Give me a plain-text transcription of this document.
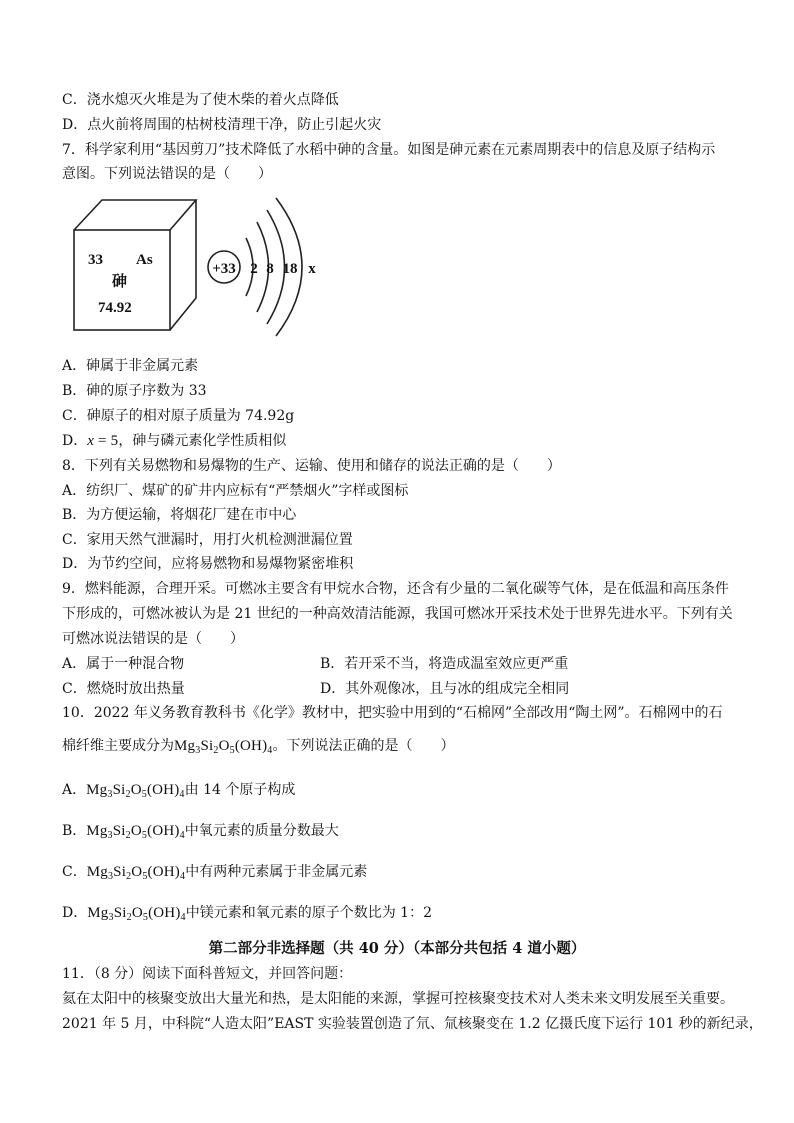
C．浇水熄灭火堆是为了使木柴的着火点降低
D．点火前将周围的枯树枝清理干净，防止引起火灾
7．科学家利用“基因剪刀”技术降低了水稻中砷的含量。如图是砷元素在元素周期表中的信息及原子结构示
意图。下列说法错误的是（　　）
33 As
砷
74.92
+33 2 8 18 x
A．砷属于非金属元素
B．砷的原子序数为 33
C．砷原子的相对原子质量为 74.92g
D．x = 5，砷与磷元素化学性质相似
8．下列有关易燃物和易爆物的生产、运输、使用和储存的说法正确的是（　　）
A．纺织厂、煤矿的矿井内应标有“严禁烟火”字样或图标
B．为方便运输，将烟花厂建在市中心
C．家用天然气泄漏时，用打火机检测泄漏位置
D．为节约空间，应将易燃物和易爆物紧密堆积
9．燃料能源，合理开采。可燃冰主要含有甲烷水合物，还含有少量的二氧化碳等气体，是在低温和高压条件
下形成的，可燃冰被认为是 21 世纪的一种高效清洁能源，我国可燃冰开采技术处于世界先进水平。下列有关
可燃冰说法错误的是（　　）
A．属于一种混合物	B．若开采不当，将造成温室效应更严重
C．燃烧时放出热量	D．其外观像冰，且与冰的组成完全相同
10．2022 年义务教育教科书《化学》教材中，把实验中用到的“石棉网”全部改用“陶土网”。石棉网中的石
棉纤维主要成分为$Mg_3Si_2O_5(OH)_4$。下列说法正确的是（　　）
A．$Mg_3Si_2O_5(OH)_4$由 14 个原子构成
B．$Mg_3Si_2O_5(OH)_4$中氧元素的质量分数最大
C．$Mg_3Si_2O_5(OH)_4$中有两种元素属于非金属元素
D．$Mg_3Si_2O_5(OH)_4$中镁元素和氧元素的原子个数比为 1：2
第二部分非选择题（共 40 分）（本部分共包括 4 道小题）
11．（8 分）阅读下面科普短文，并回答问题：
氦在太阳中的核聚变放出大量光和热，是太阳能的来源，掌握可控核聚变技术对人类未来文明发展至关重要。
2021 年 5 月，中科院“人造太阳”EAST 实验装置创造了氘、氚核聚变在 1.2 亿摄氏度下运行 101 秒的新纪录，
